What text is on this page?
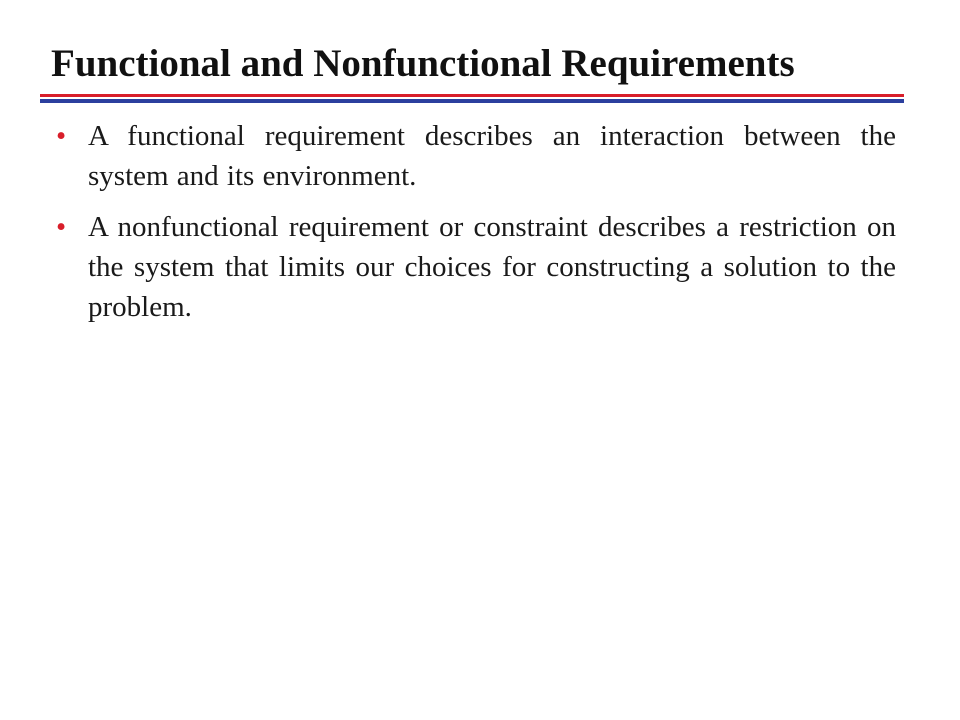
Functional and Nonfunctional Requirements
• A functional requirement describes an interaction between the system and its environment.
• A nonfunctional requirement or constraint describes a restriction on the system that limits our choices for constructing a solution to the problem.
